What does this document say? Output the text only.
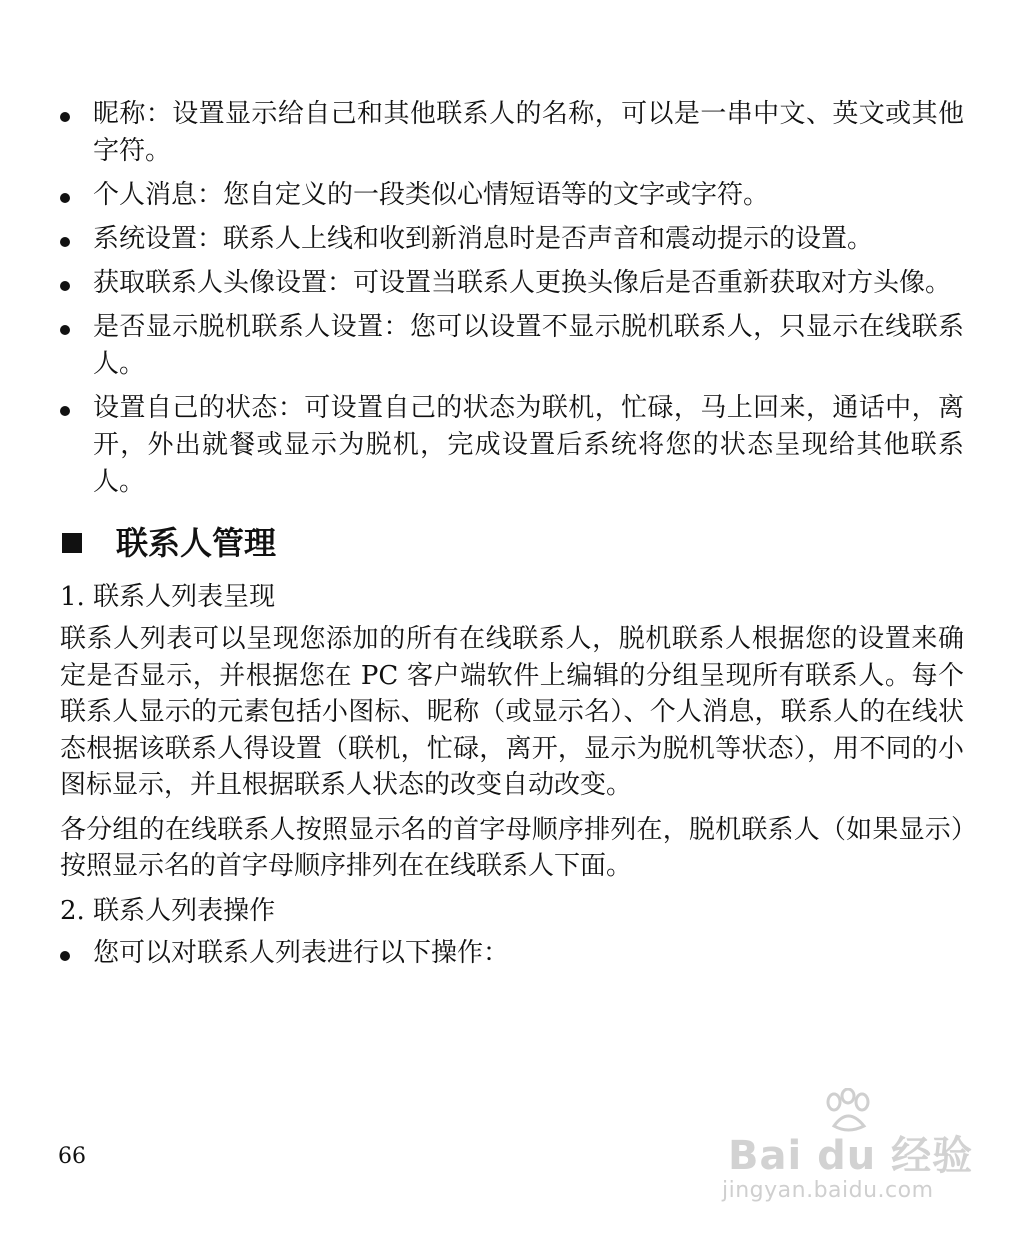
昵称：设置显示给自己和其他联系人的名称，可以是一串中文、英文或其他字符。
个人消息：您自定义的一段类似心情短语等的文字或字符。
系统设置：联系人上线和收到新消息时是否声音和震动提示的设置。
获取联系人头像设置：可设置当联系人更换头像后是否重新获取对方头像。
是否显示脱机联系人设置：您可以设置不显示脱机联系人，只显示在线联系人。
设置自己的状态：可设置自己的状态为联机，忙碌，马上回来，通话中，离开，外出就餐或显示为脱机，完成设置后系统将您的状态呈现给其他联系人。
联系人管理

1. 联系人列表呈现

联系人列表可以呈现您添加的所有在线联系人，脱机联系人根据您的设置来确定是否显示，并根据您在 PC 客户端软件上编辑的分组呈现所有联系人。每个联系人显示的元素包括小图标、昵称（或显示名）、个人消息，联系人的在线状态根据该联系人得设置（联机，忙碌，离开，显示为脱机等状态），用不同的小图标显示，并且根据联系人状态的改变自动改变。

各分组的在线联系人按照显示名的首字母顺序排列在，脱机联系人（如果显示）按照显示名的首字母顺序排列在在线联系人下面。

2. 联系人列表操作

您可以对联系人列表进行以下操作：
66	Bai du 经验
jingyan.baidu.com
